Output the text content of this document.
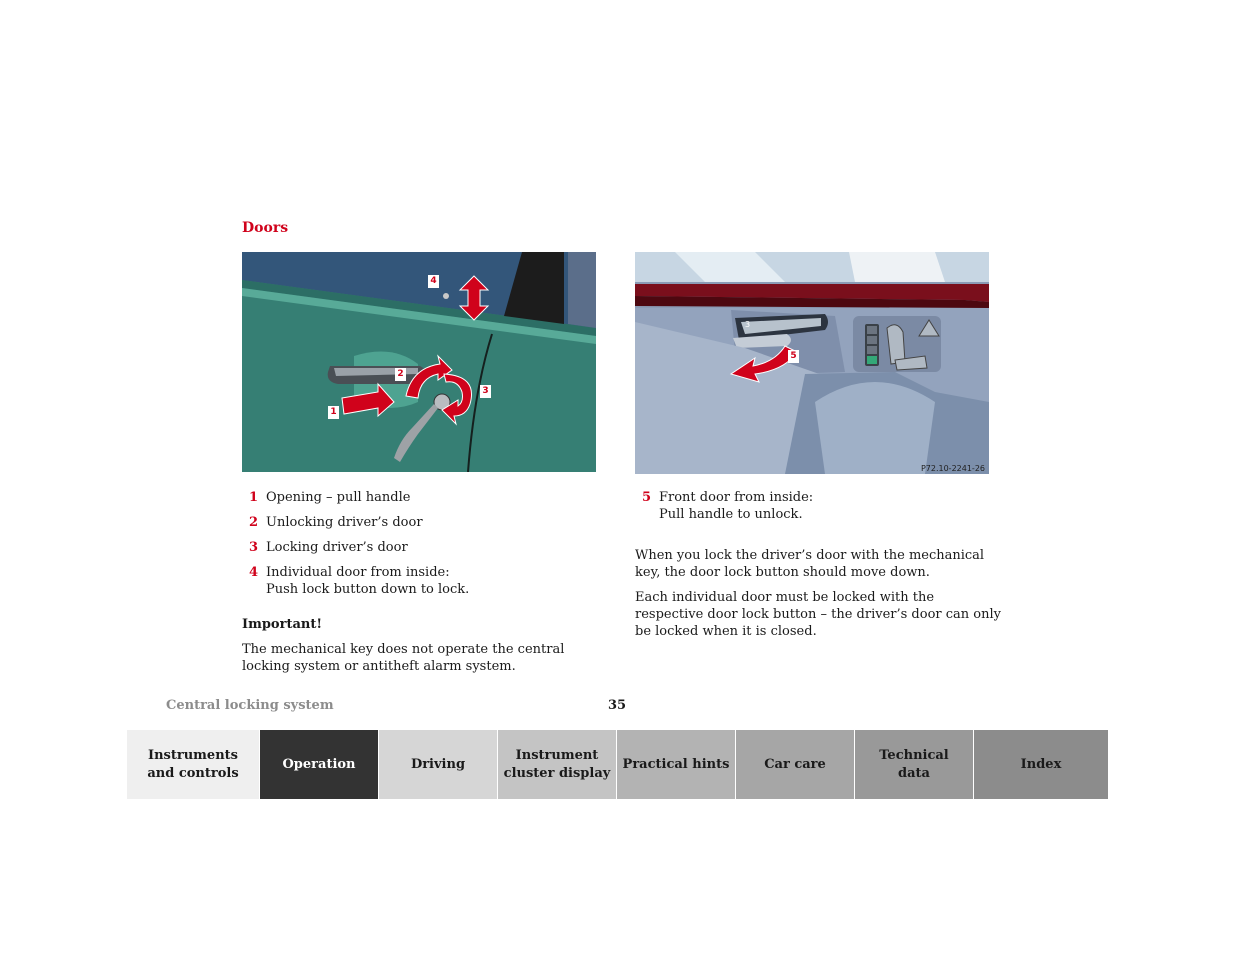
Doors
4
2
3
1
3
5
P72.10-2241-26
1 Opening – pull handle
2 Unlocking driver’s door
3 Locking driver’s door
4 Individual door from inside:
Push lock button down to lock.
Important!
The mechanical key does not operate the central locking system or antitheft alarm system.
5 Front door from inside:
Pull handle to unlock.
When you lock the driver’s door with the mechanical key, the door lock button should move down.
Each individual door must be locked with the respective door lock button – the driver’s door can only be locked when it is closed.
Central locking system	35
Instruments
and controls
Operation	Driving
Instrument
cluster display
Practical hints	Car care
Technical
data
Index
